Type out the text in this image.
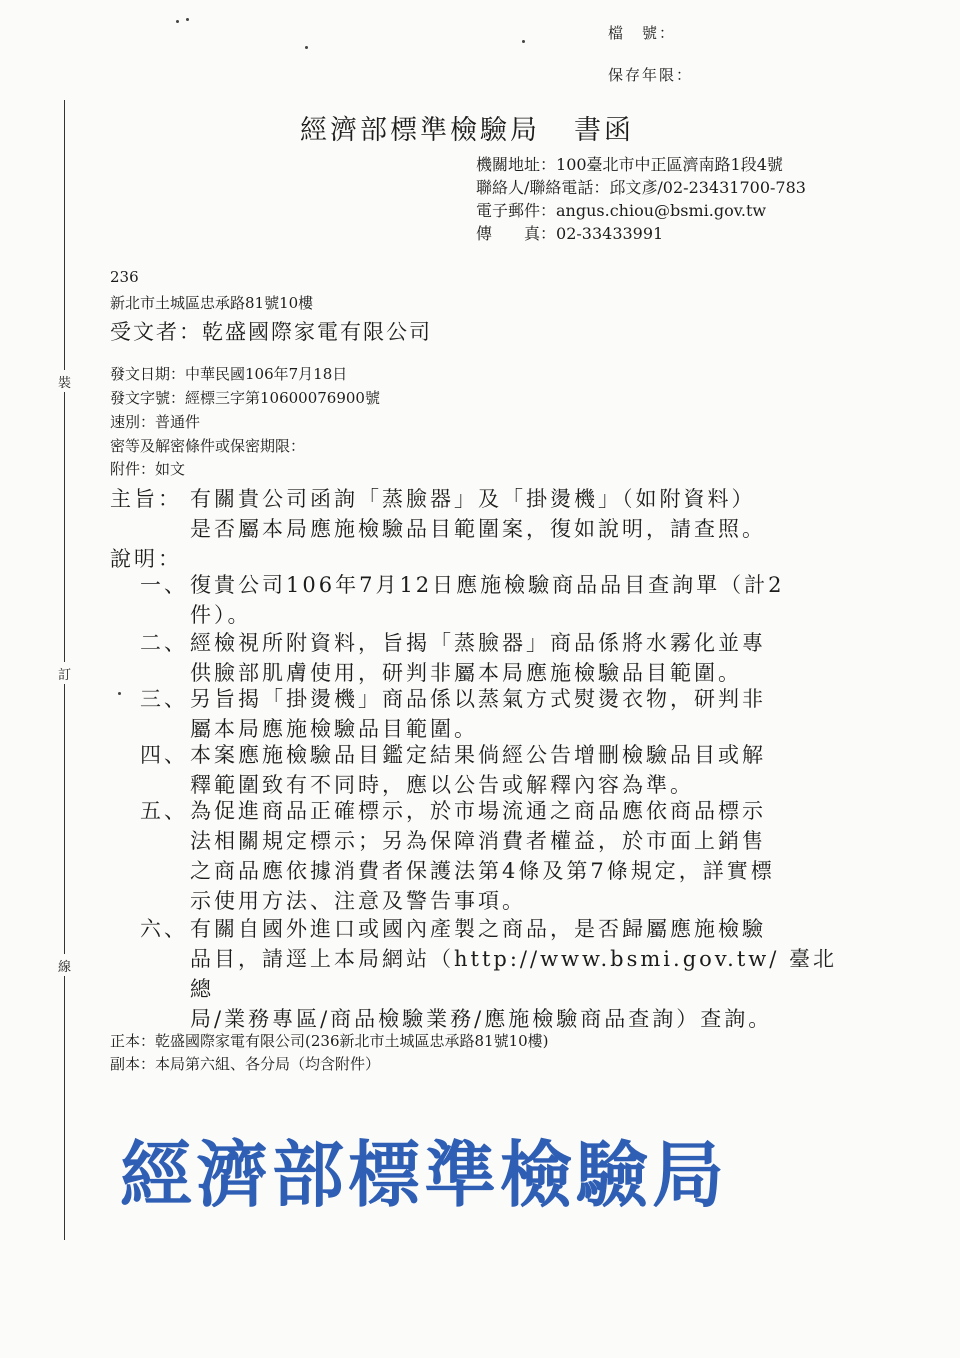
檔　號：
保存年限：
裝
訂
線
經濟部標準檢驗局 書函
機關地址：100臺北市中正區濟南路1段4號
聯絡人/聯絡電話：邱文彥/02-23431700-783
電子郵件：angus.chiou@bsmi.gov.tw
傳　　真：02-33433991
236
新北市土城區忠承路81號10樓
受文者：乾盛國際家電有限公司
發文日期：中華民國106年7月18日
發文字號：經標三字第10600076900號
速別：普通件
密等及解密條件或保密期限：
附件：如文
主旨： 有關貴公司函詢「蒸臉器」及「掛燙機」（如附資料）
是否屬本局應施檢驗品目範圍案，復如說明，請查照。
說明：
一、 復貴公司106年7月12日應施檢驗商品品目查詢單（計2
件）。
二、 經檢視所附資料，旨揭「蒸臉器」商品係將水霧化並專
供臉部肌膚使用，研判非屬本局應施檢驗品目範圍。
三、 另旨揭「掛燙機」商品係以蒸氣方式熨燙衣物，研判非
屬本局應施檢驗品目範圍。
四、 本案應施檢驗品目鑑定結果倘經公告增刪檢驗品目或解
釋範圍致有不同時，應以公告或解釋內容為準。
五、 為促進商品正確標示，於市場流通之商品應依商品標示
法相關規定標示；另為保障消費者權益，於市面上銷售
之商品應依據消費者保護法第4條及第7條規定，詳實標
示使用方法、注意及警告事項。
六、 有關自國外進口或國內產製之商品，是否歸屬應施檢驗
品目，請逕上本局網站（http://www.bsmi.gov.tw/ 臺北總
局/業務專區/商品檢驗業務/應施檢驗商品查詢）查詢。
正本：乾盛國際家電有限公司(236新北市土城區忠承路81號10樓)
副本：本局第六組、各分局（均含附件）
經濟部標準檢驗局
